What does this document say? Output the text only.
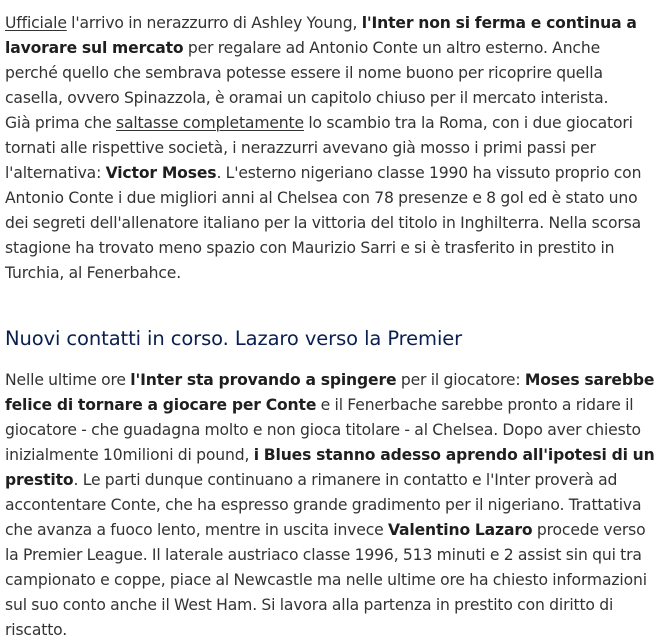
Ufficiale l'arrivo in nerazzurro di Ashley Young, l'Inter non si ferma e continua a lavorare sul mercato per regalare ad Antonio Conte un altro esterno. Anche perché quello che sembrava potesse essere il nome buono per ricoprire quella casella, ovvero Spinazzola, è oramai un capitolo chiuso per il mercato interista.
Già prima che saltasse completamente lo scambio tra la Roma, con i due giocatori tornati alle rispettive società, i nerazzurri avevano già mosso i primi passi per l'alternativa: Victor Moses. L'esterno nigeriano classe 1990 ha vissuto proprio con Antonio Conte i due migliori anni al Chelsea con 78 presenze e 8 gol ed è stato uno dei segreti dell'allenatore italiano per la vittoria del titolo in Inghilterra. Nella scorsa stagione ha trovato meno spazio con Maurizio Sarri e si è trasferito in prestito in Turchia, al Fenerbahce.

Nuovi contatti in corso. Lazaro verso la Premier

Nelle ultime ore l'Inter sta provando a spingere per il giocatore: Moses sarebbe felice di tornare a giocare per Conte e il Fenerbache sarebbe pronto a ridare il giocatore - che guadagna molto e non gioca titolare - al Chelsea. Dopo aver chiesto inizialmente 10milioni di pound, i Blues stanno adesso aprendo all'ipotesi di un prestito. Le parti dunque continuano a rimanere in contatto e l'Inter proverà ad accontentare Conte, che ha espresso grande gradimento per il nigeriano. Trattativa che avanza a fuoco lento, mentre in uscita invece Valentino Lazaro procede verso la Premier League. Il laterale austriaco classe 1996, 513 minuti e 2 assist sin qui tra campionato e coppe, piace al Newcastle ma nelle ultime ore ha chiesto informazioni sul suo conto anche il West Ham. Si lavora alla partenza in prestito con diritto di riscatto.
